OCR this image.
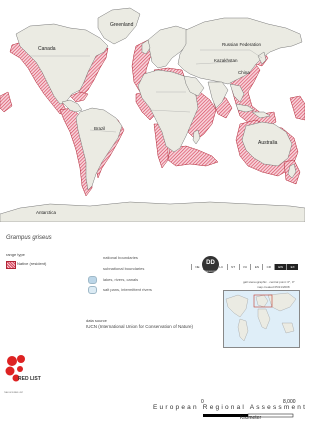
Greenland
Canada
Russian Federation
Kazakhstan
China
Brazil
Australia
Antarctica
Grampus griseus
range type
Native (resident)
national boundaries
subnational boundaries
lakes, rivers, canals
salt pans, intermittent rivers
data source
IUCN (International Union for Conservation of Nature)
NE	LC	NT	VU	EN	CR	EW	EX
DD
DATA DEFICIENT
gall stereographic · central point: 0°, 0°
map created 05/21/2008
0	8,000
Kilometer
RED LIST
THE IUCN RED LIST
European Regional Assessment
